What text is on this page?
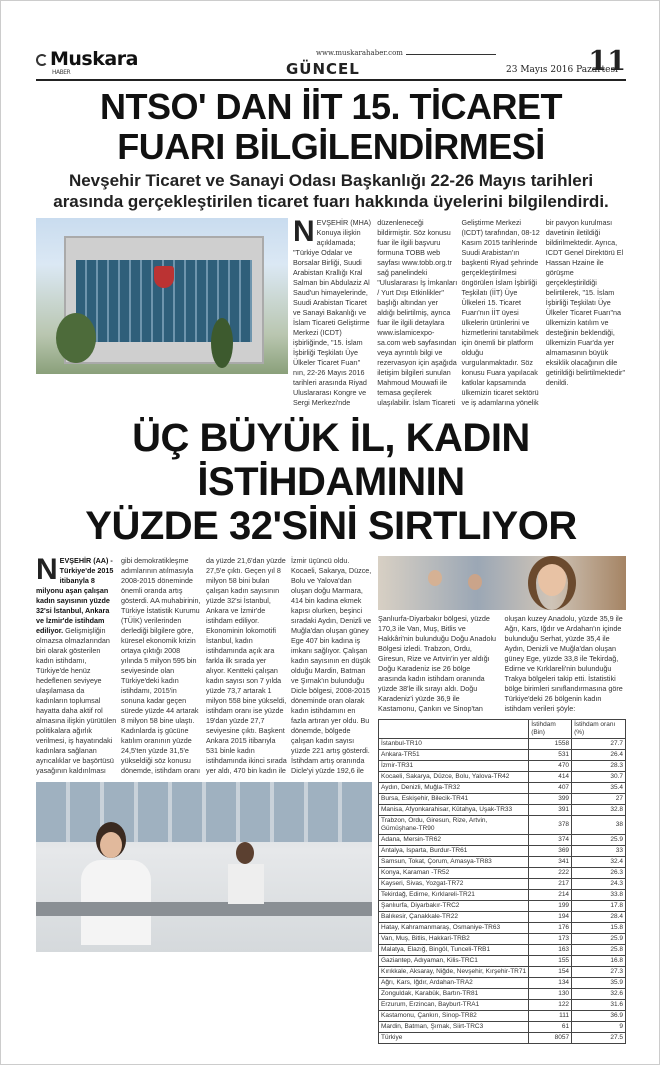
Muskara
HABER
www.muskarahaber.com
GÜNCEL	23 Mayıs 2016 Pazartesi
11
NTSO' DAN İİT 15. TİCARET
FUARI BİLGİLENDİRMESİ
Nevşehir Ticaret ve Sanayi Odası Başkanlığı 22-26 Mayıs tarihleri arasında gerçekleştirilen ticaret fuarı hakkında üyelerini bilgilendirdi.
NEVŞEHİR (MHA) Konuya ilişkin açıklamada; "Türkiye Odalar ve Borsalar Birliği, Suudi Arabistan Krallığı Kral Salman bin Abdulaziz Al Saud'un himayelerinde, Suudi Arabistan Ticaret ve Sanayi Bakanlığı ve İslam Ticareti Geliştirme Merkezi (ICDT) işbirliğinde, "15. İslam İşbirliği Teşkilatı Üye Ülkeler Ticaret Fuarı" nın, 22-26 Mayıs 2016 tarihleri arasında Riyad Uluslararası Kongre ve Sergi Merkezi'nde düzenleneceği bildirmiştir. Söz konusu fuar ile ilgili başvuru formuna TOBB web sayfası www.tobb.org.tr sağ panelindeki "Uluslararası İş İmkanları / Yurt Dışı Etkinlikler" başlığı altından yer aldığı belirtilmiş, ayrıca fuar ile ilgili detaylara www.islamicexpo-sa.com web sayfasından veya ayrıntılı bilgi ve rezervasyon için aşağıda iletişim bilgileri sunulan Mahmoud Mouwafi ile temasa geçilerek ulaşılabilir. İslam Ticareti Geliştirme Merkezi (ICDT) tarafından, 08-12 Kasım 2015 tarihlerinde Suudi Arabistan'ın başkenti Riyad şehrinde gerçekleştirilmesi öngörülen İslam İşbirliği Teşkilatı (İİT) Üye Ülkeleri 15. Ticaret Fuarı'nın İİT üyesi ülkelerin ürünlerini ve hizmetlerini tanıtabilmek için önemli bir platform olduğu vurgulanmaktadır. Söz konusu Fuara yapılacak katkılar kapsamında ülkemizin ticaret sektörü ve iş adamlarına yönelik bir pavyon kurulması davetinin iletildiği bildirilmektedir. Ayrıca, ICDT Genel Direktörü El Hassan Hzaine ile görüşme gerçekleştirildiği belirtilerek, "15. İslam İşbirliği Teşkilatı Üye Ülkeler Ticaret Fuarı"na ülkemizin katılım ve desteğinin beklendiği, ülkemizin Fuar'da yer almamasının büyük eksiklik olacağının dile getirildiği belirtilmektedir" denildi.
ÜÇ BÜYÜK İL, KADIN İSTİHDAMININ
YÜZDE 32'SİNİ SIRTLIYOR
NEVŞEHİR (AA) - Türkiye'de 2015 itibanyla 8 milyonu aşan çalışan kadın sayısının yüzde 32'si İstanbul, Ankara ve İzmir'de istihdam ediliyor. Gelişmişliğin olmazsa olmazlarından biri olarak gösterilen kadın istihdamı, Türkiye'de henüz hedeflenen seviyeye ulaşılamasa da kadınların toplumsal hayatta daha aktif rol almasına ilişkin yürütülen politikalara ağırlık verilmesi, iş hayatındaki kadınlara sağlanan ayrıcalıklar ve başörtüsü yasağının kaldırılması gibi demokratikleşme adımlarının atılmasıyla 2008-2015 döneminde önemli oranda artış gösterdi. AA muhabirinin, Türkiye İstatistik Kurumu (TÜİK) verilerinden derlediği bilgilere göre, küresel ekonomik krizin ortaya çıktığı 2008 yılında 5 milyon 595 bin seviyesinde olan Türkiye'deki kadın istihdamı, 2015'in sonuna kadar geçen sürede yüzde 44 artarak 8 milyon 58 bine ulaştı. Kadınlarda iş gücüne katılım oranının yüzde 24,5'ten yüzde 31,5'e yükseldiği söz konusu dönemde, istihdam oranı da yüzde 21,6'dan yüzde 27,5'e çıktı. Geçen yıl 8 milyon 58 bini bulan çalışan kadın sayısının yüzde 32'si İstanbul, Ankara ve İzmir'de istihdam ediliyor. Ekonominin lokomotifi İstanbul, kadın istihdamında açık ara farkla ilk sırada yer alıyor. Kentteki çalışan kadın sayısı son 7 yılda yüzde 73,7 artarak 1 milyon 558 bine yükseldi, istihdam oranı ise yüzde 19'dan yüzde 27,7 seviyesine çıktı. Başkent Ankara 2015 itibarıyla 531 binle kadın istihdamında ikinci sırada yer aldı, 470 bin kadın ile İzmir üçüncü oldu. Kocaeli, Sakarya, Düzce, Bolu ve Yalova'dan oluşan doğu Marmara, 414 bin kadına ekmek kapısı olurken, beşinci sıradaki Aydın, Denizli ve Muğla'dan oluşan güney Ege 407 bin kadına iş imkanı sağlıyor. Çalışan kadın sayısının en düşük olduğu Mardin, Batman ve Şırnak'ın bulunduğu Dicle bölgesi, 2008-2015 döneminde oran olarak kadın istihdamını en fazla artıran yer oldu. Bu dönemde, bölgede çalışan kadın sayısı yüzde 221 artış gösterdi. İstihdam artış oranında Dicle'yi yüzde 192,6 ile
Şanlıurfa-Diyarbakır bölgesi, yüzde 170,3 ile Van, Muş, Bitlis ve Hakkâri'nin bulunduğu Doğu Anadolu Bölgesi izledi. Trabzon, Ordu, Giresun, Rize ve Artvin'in yer aldığı Doğu Karadeniz ise 26 bölge arasında kadın istihdam oranında yüzde 38'le ilk sırayı aldı. Doğu Karadeniz'i yüzde 36,9 ile Kastamonu, Çankırı ve Sinop'tan oluşan kuzey Anadolu, yüzde 35,9 ile Ağrı, Kars, Iğdır ve Ardahan'ın içinde bulunduğu Serhat, yüzde 35,4 ile Aydın, Denizli ve Muğla'dan oluşan güney Ege, yüzde 33,8 ile Tekirdağ, Edirne ve Kırklareli'nin bulunduğu Trakya bölgeleri takip etti. İstatistiki bölge birimleri sınıflandırmasına göre Türkiye'deki 26 bölgenin kadın istihdam verileri şöyle:
	İstihdam (Bin)	İstihdam oranı (%)
İstanbul-TR10	1558	27.7
Ankara-TR51	531	26.4
İzmir-TR31	470	28.3
Kocaeli, Sakarya, Düzce, Bolu, Yalova-TR42	414	30.7
Aydın, Denizli, Muğla-TR32	407	35.4
Bursa, Eskişehir, Bilecik-TR41	399	27
Manisa, Afyonkarahisar, Kütahya, Uşak-TR33	391	32.8
Trabzon, Ordu, Giresun, Rize, Artvin, Gümüşhane-TR90	378	38
Adana, Mersin-TR62	374	25.9
Antalya, Isparta, Burdur-TR61	369	33
Samsun, Tokat, Çorum, Amasya-TR83	341	32.4
Konya, Karaman -TR52	222	26.3
Kayseri, Sivas, Yozgat-TR72	217	24.3
Tekirdağ, Edirne, Kırklareli-TR21	214	33.8
Şanlıurfa, Diyarbakır-TRC2	199	17.8
Balıkesir, Çanakkale-TR22	194	28.4
Hatay, Kahramanmaraş, Osmaniye-TR63	176	15.8
Van, Muş, Bitlis, Hakkari-TRB2	173	25.9
Malatya, Elazığ, Bingöl, Tunceli-TRB1	163	25.8
Gaziantep, Adıyaman, Kilis-TRC1	155	16.8
Kırıkkale, Aksaray, Niğde, Nevşehir, Kırşehir-TR71	154	27.3
Ağrı, Kars, Iğdır, Ardahan-TRA2	134	35.9
Zonguldak, Karabük, Bartın-TR81	130	32.6
Erzurum, Erzincan, Bayburt-TRA1	122	31.6
Kastamonu, Çankırı, Sinop-TR82	111	36.9
Mardin, Batman, Şırnak, Siirt-TRC3	61	9
Türkiye	8057	27.5
